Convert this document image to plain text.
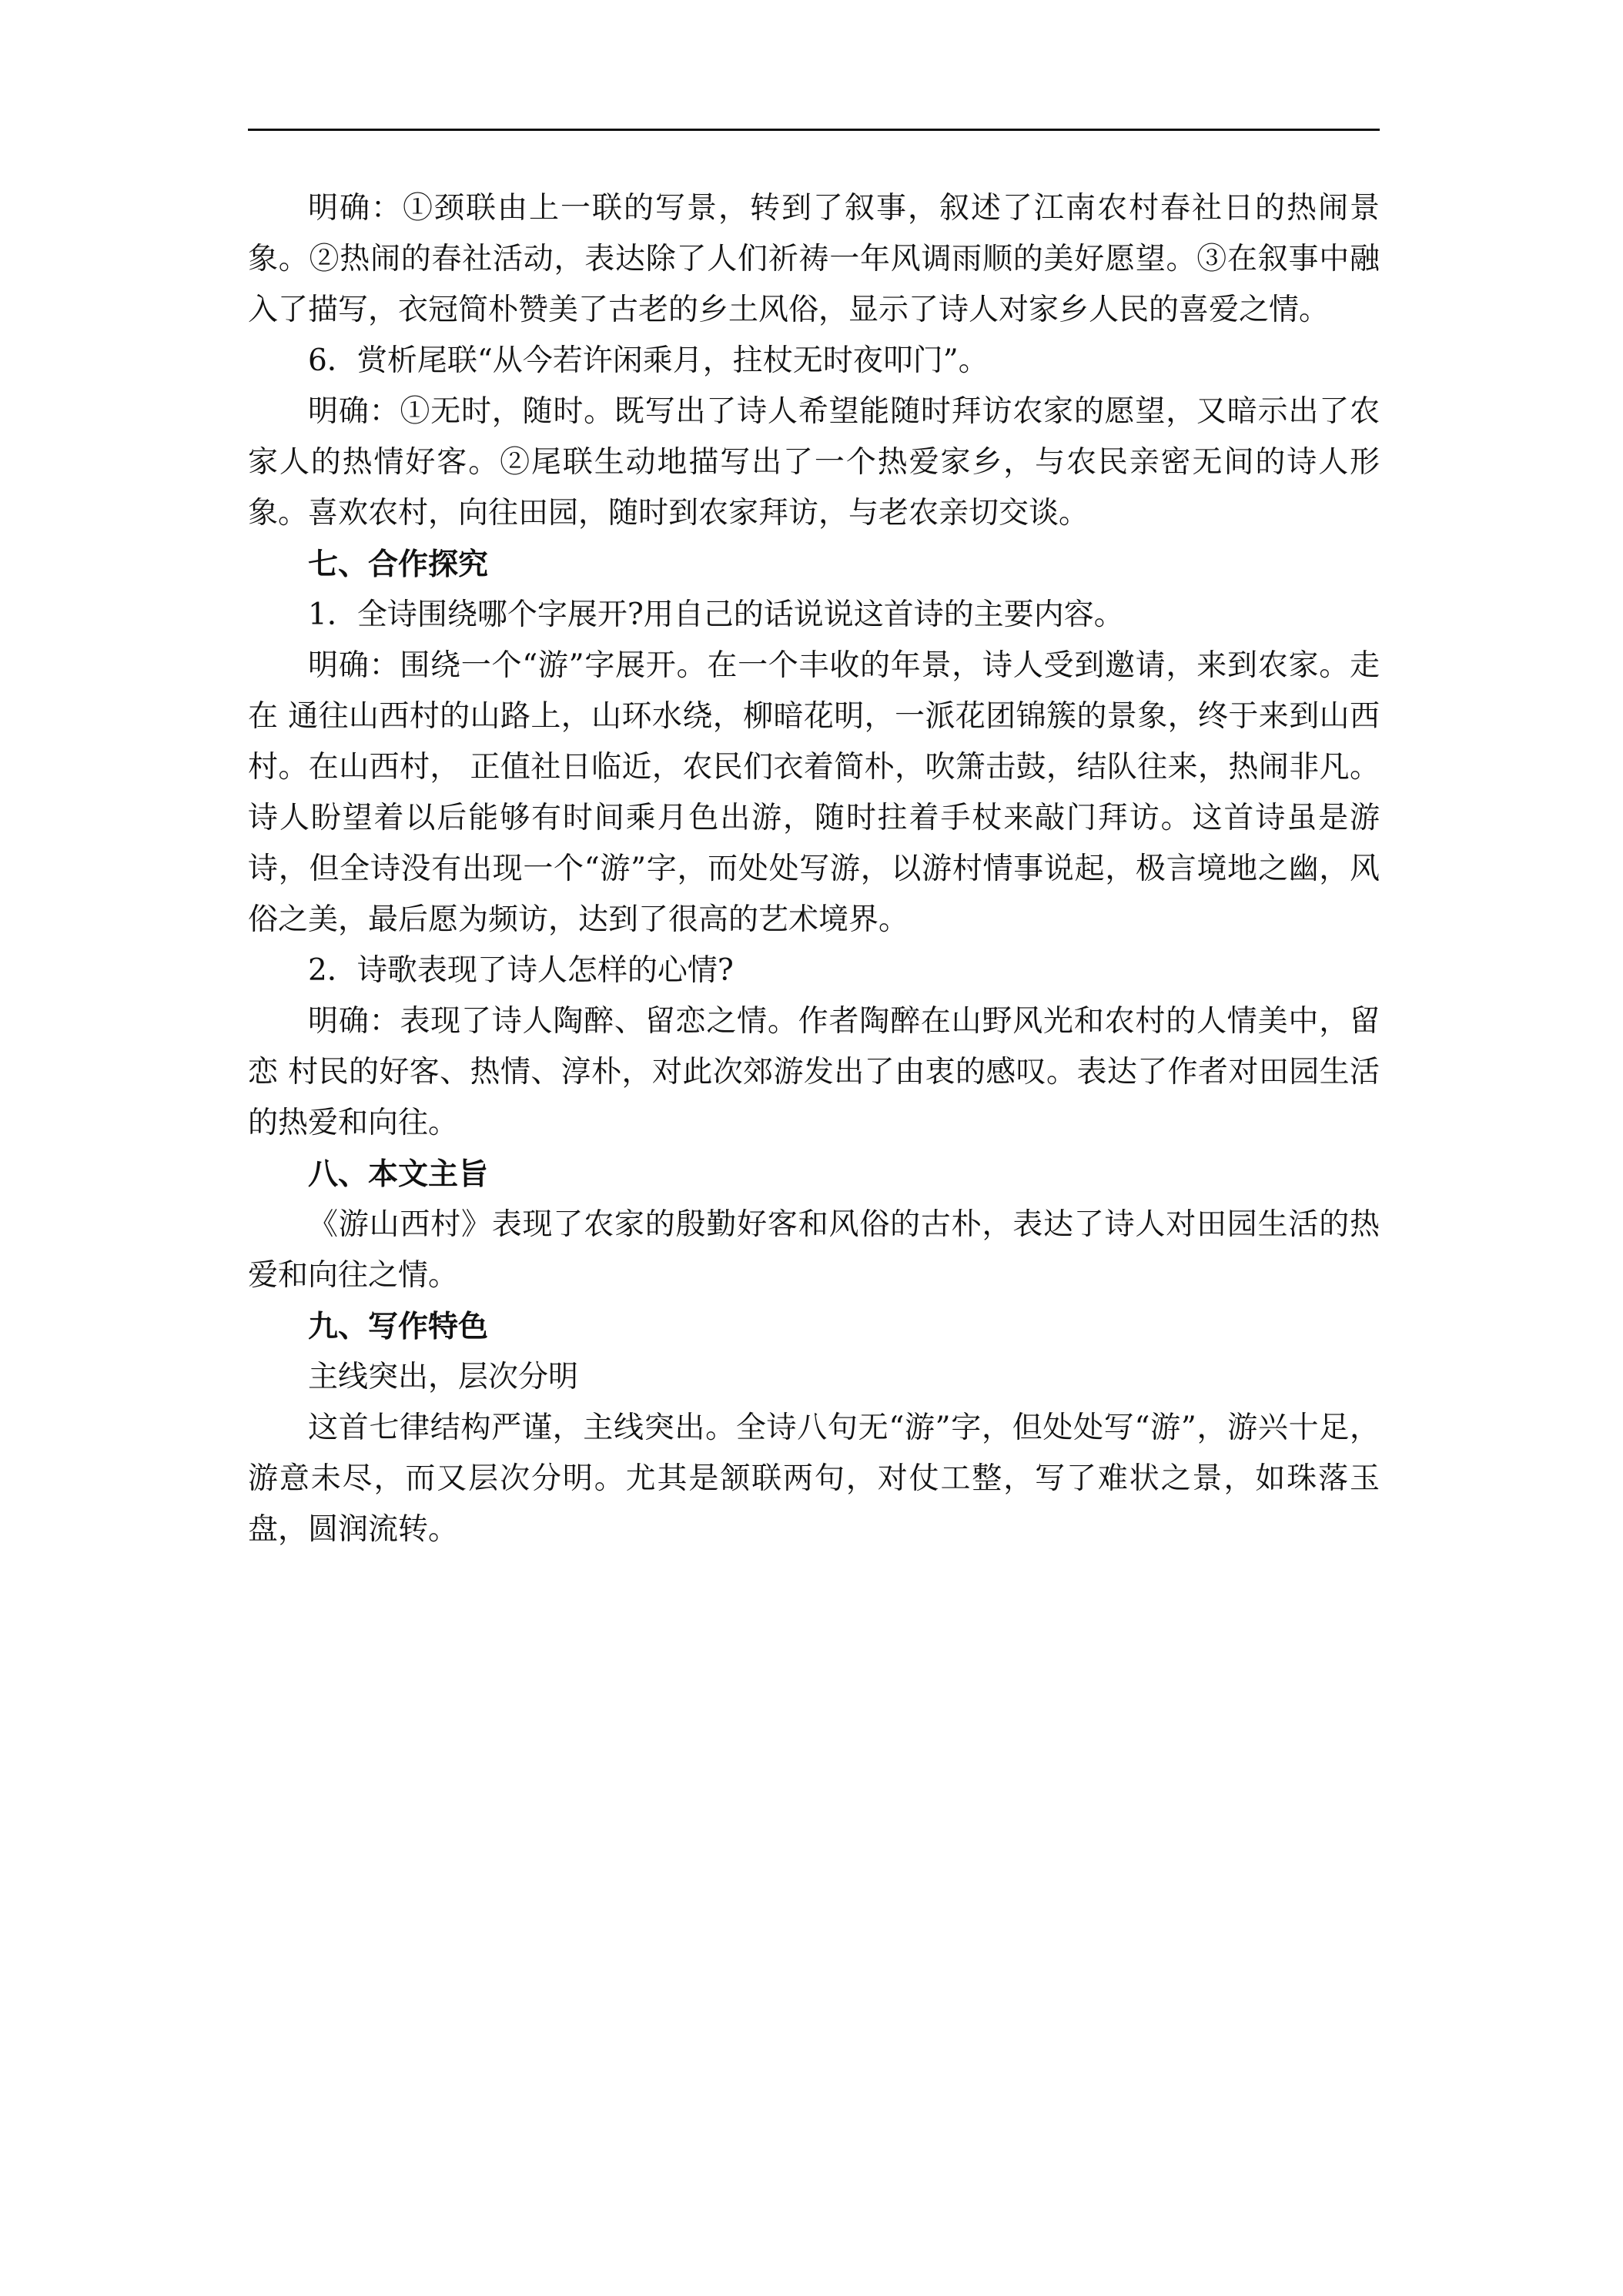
明确：①颈联由上一联的写景，转到了叙事，叙述了江南农村春社日的热闹景象。②热闹的春社活动，表达除了人们祈祷一年风调雨顺的美好愿望。③在叙事中融入了描写，衣冠简朴赞美了古老的乡土风俗，显示了诗人对家乡人民的喜爱之情。

6．赏析尾联“从今若许闲乘月，拄杖无时夜叩门”。

明确：①无时，随时。既写出了诗人希望能随时拜访农家的愿望，又暗示出了农家人的热情好客。②尾联生动地描写出了一个热爱家乡，与农民亲密无间的诗人形象。喜欢农村，向往田园，随时到农家拜访，与老农亲切交谈。

七、合作探究

1．全诗围绕哪个字展开?用自己的话说说这首诗的主要内容。

明确：围绕一个“游”字展开。在一个丰收的年景，诗人受到邀请，来到农家。走在 通往山西村的山路上，山环水绕，柳暗花明，一派花团锦簇的景象，终于来到山西村。在山西村， 正值社日临近，农民们衣着简朴，吹箫击鼓，结队往来，热闹非凡。诗人盼望着以后能够有时间乘月色出游，随时拄着手杖来敲门拜访。这首诗虽是游诗，但全诗没有出现一个“游”字，而处处写游，以游村情事说起，极言境地之幽，风俗之美，最后愿为频访，达到了很高的艺术境界。

2．诗歌表现了诗人怎样的心情?

明确：表现了诗人陶醉、留恋之情。作者陶醉在山野风光和农村的人情美中，留恋 村民的好客、热情、淳朴，对此次郊游发出了由衷的感叹。表达了作者对田园生活的热爱和向往。

八、本文主旨

《游山西村》表现了农家的殷勤好客和风俗的古朴，表达了诗人对田园生活的热爱和向往之情。

九、写作特色

主线突出，层次分明

这首七律结构严谨，主线突出。全诗八句无“游”字，但处处写“游”，游兴十足，游意未尽，而又层次分明。尤其是颔联两句，对仗工整，写了难状之景，如珠落玉盘，圆润流转。
